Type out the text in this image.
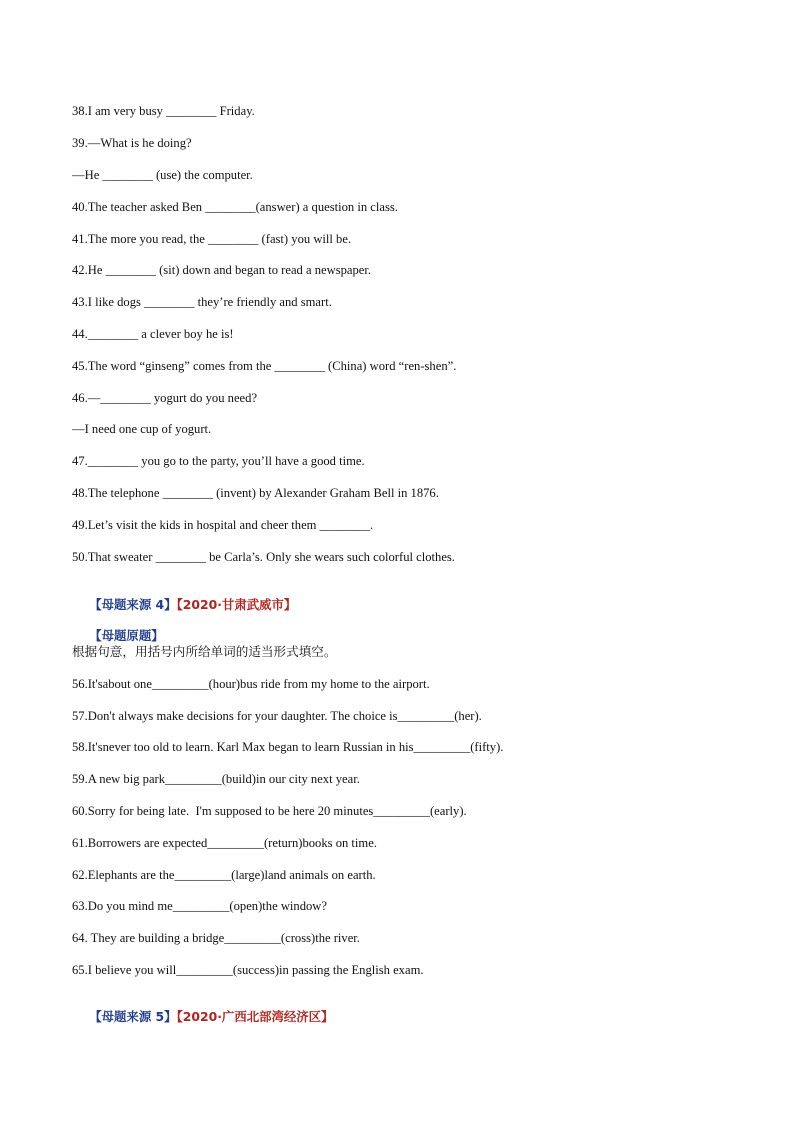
38.I am very busy ________ Friday.
39.—What is he doing?
—He ________ (use) the computer.
40.The teacher asked Ben ________(answer) a question in class.
41.The more you read, the ________ (fast) you will be.
42.He ________ (sit) down and began to read a newspaper.
43.I like dogs ________ they’re friendly and smart.
44.________ a clever boy he is!
45.The word “ginseng” comes from the ________ (China) word “ren-shen”.
46.—________ yogurt do you need?
—I need one cup of yogurt.
47.________ you go to the party, you’ll have a good time.
48.The telephone ________ (invent) by Alexander Graham Bell in 1876.
49.Let’s visit the kids in hospital and cheer them ________.
50.That sweater ________ be Carla’s. Only she wears such colorful clothes.

【母题来源 4】【2020·甘肃武威市】

【母题原题】

根据句意，用括号内所给单词的适当形式填空。
56.It'sabout one_________(hour)bus ride from my home to the airport.
57.Don't always make decisions for your daughter. The choice is_________(her).
58.It'snever too old to learn. Karl Max began to learn Russian in his_________(fifty).
59.A new big park_________(build)in our city next year.
60.Sorry for being late.  I'm supposed to be here 20 minutes_________(early).
61.Borrowers are expected_________(return)books on time.
62.Elephants are the_________(large)land animals on earth.
63.Do you mind me_________(open)the window?
64. They are building a bridge_________(cross)the river.
65.I believe you will_________(success)in passing the English exam.

【母题来源 5】【2020·广西北部湾经济区】
